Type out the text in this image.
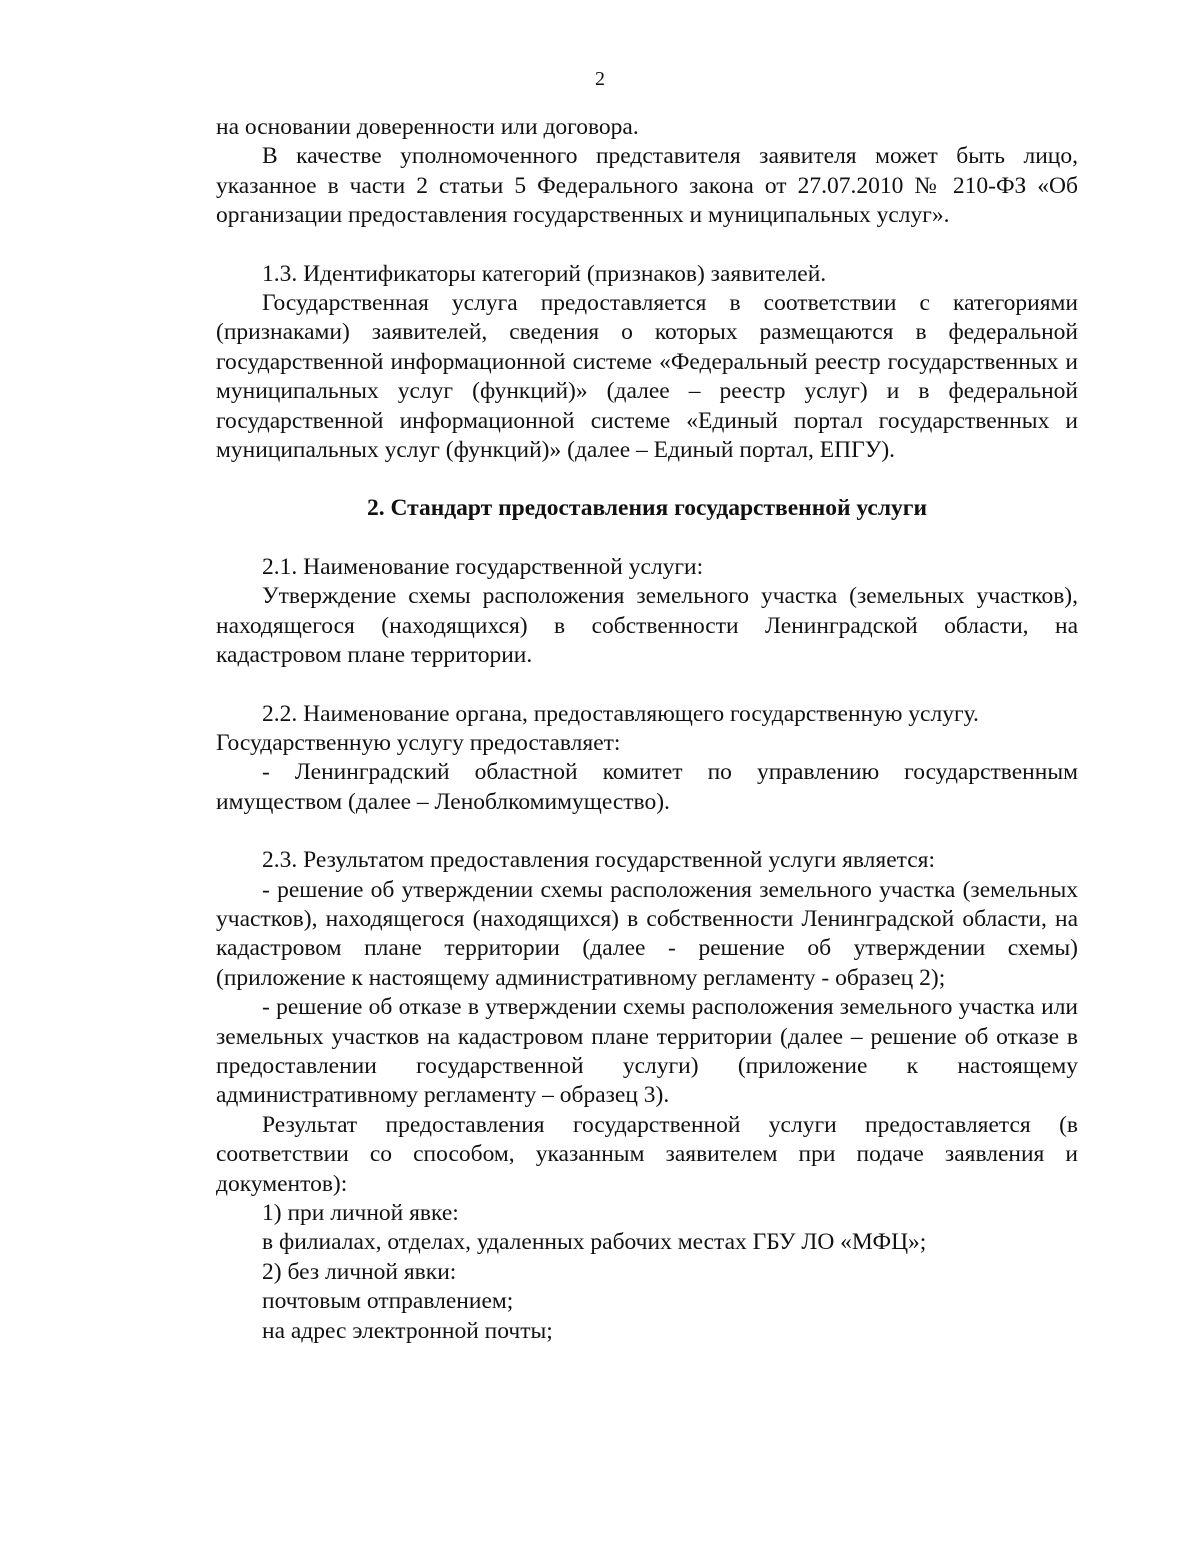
2

на основании доверенности или договора.

В качестве уполномоченного представителя заявителя может быть лицо, указанное в части 2 статьи 5 Федерального закона от 27.07.2010 № 210-ФЗ «Об организации предоставления государственных и муниципальных услуг».

1.3. Идентификаторы категорий (признаков) заявителей.

Государственная услуга предоставляется в соответствии с категориями (признаками) заявителей, сведения о которых размещаются в федеральной государственной информационной системе «Федеральный реестр государственных и муниципальных услуг (функций)» (далее – реестр услуг) и в федеральной государственной информационной системе «Единый портал государственных и муниципальных услуг (функций)» (далее – Единый портал, ЕПГУ).

2. Стандарт предоставления государственной услуги

2.1. Наименование государственной услуги:

Утверждение схемы расположения земельного участка (земельных участков), находящегося (находящихся) в собственности Ленинградской области, на кадастровом плане территории.

2.2. Наименование органа, предоставляющего государственную услугу.

Государственную услугу предоставляет:

- Ленинградский областной комитет по управлению государственным имуществом (далее – Леноблкомимущество).

2.3. Результатом предоставления государственной услуги является:

- решение об утверждении схемы расположения земельного участка (земельных участков), находящегося (находящихся) в собственности Ленинградской области, на кадастровом плане территории (далее - решение об утверждении схемы) (приложение к настоящему административному регламенту - образец 2);

- решение об отказе в утверждении схемы расположения земельного участка или земельных участков на кадастровом плане территории (далее – решение об отказе в предоставлении государственной услуги) (приложение к настоящему административному регламенту – образец 3).

Результат предоставления государственной услуги предоставляется (в соответствии со способом, указанным заявителем при подаче заявления и документов):

1) при личной явке:

в филиалах, отделах, удаленных рабочих местах ГБУ ЛО «МФЦ»;

2) без личной явки:

почтовым отправлением;

на адрес электронной почты;
